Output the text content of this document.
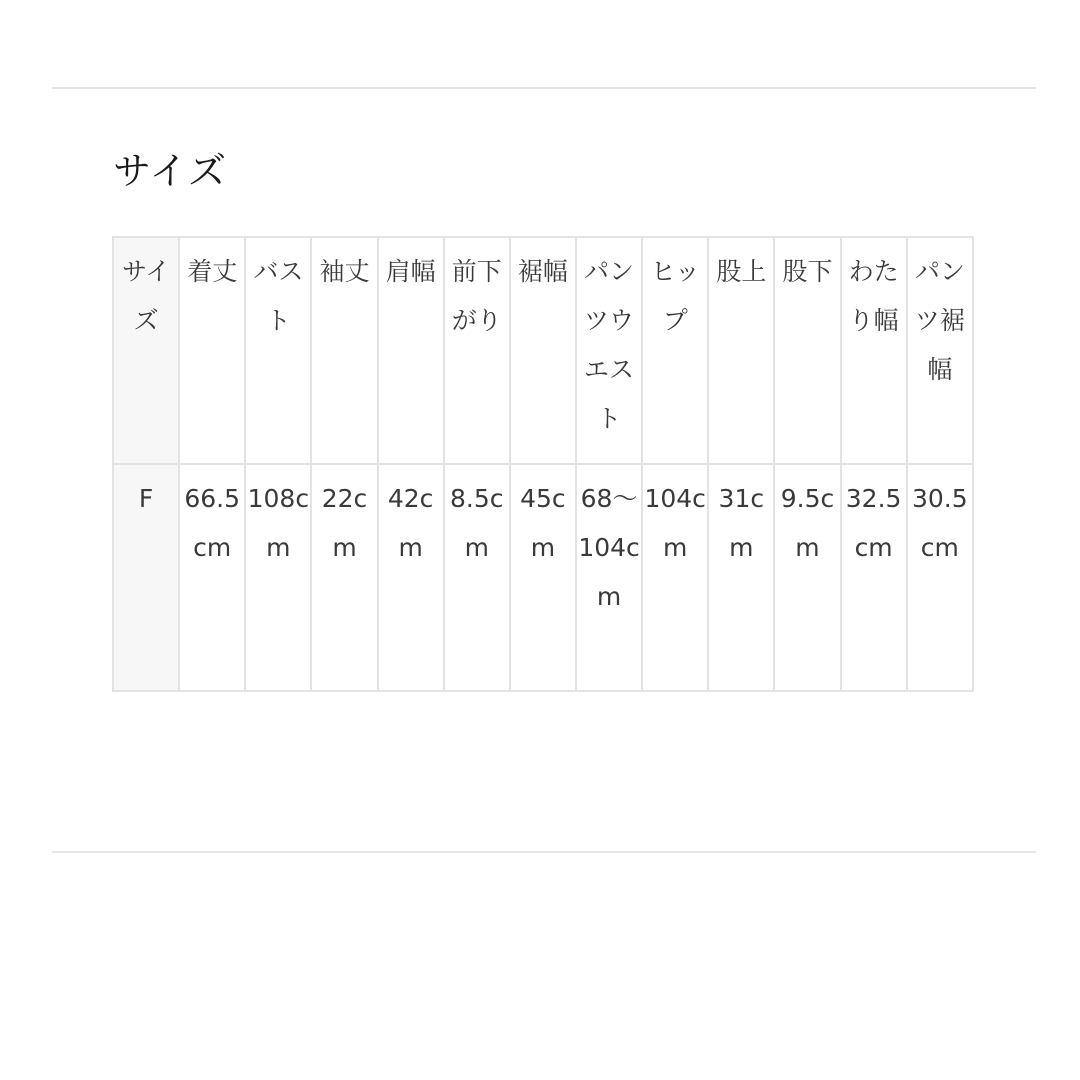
サイズ
サイズ	着丈	バスト	袖丈	肩幅	前下がり	裾幅	パンツウエスト	ヒップ	股上	股下	わたり幅	パンツ裾幅
F	66.5cm	108cm	22cm	42cm	8.5cm	45cm	68〜104cm	104cm	31cm	9.5cm	32.5cm	30.5cm
